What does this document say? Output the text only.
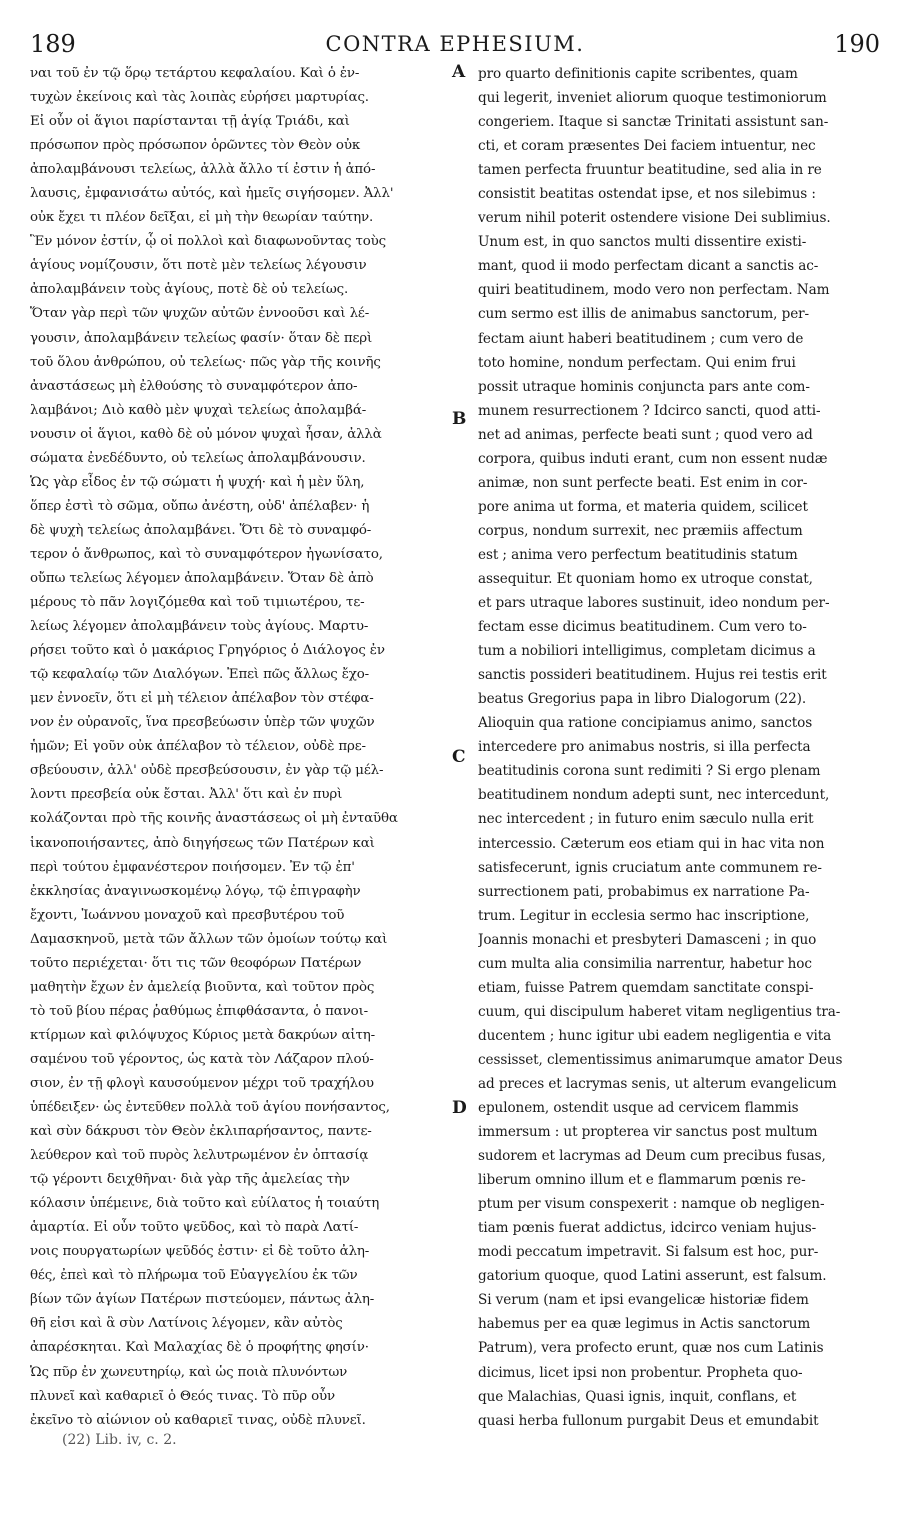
189	CONTRA EPHESIUM.	190
ναι τοῦ ἐν τῷ ὅρῳ τετάρτου κεφαλαίου. Καὶ ὁ ἐν-
τυχὼν ἐκείνοις καὶ τὰς λοιπὰς εὑρήσει μαρτυρίας.
Εἰ οὖν οἱ ἅγιοι παρίστανται τῇ ἁγίᾳ Τριάδι, καὶ
πρόσωπον πρὸς πρόσωπον ὁρῶντες τὸν Θεὸν οὐκ
ἀπολαμβάνουσι τελείως, ἀλλὰ ἄλλο τί ἐστιν ἡ ἀπό-
λαυσις, ἐμφανισάτω αὐτός, καὶ ἡμεῖς σιγήσομεν. Ἀλλ'
οὐκ ἔχει τι πλέον δεῖξαι, εἰ μὴ τὴν θεωρίαν ταύτην.
Ἓν μόνον ἐστίν, ᾧ οἱ πολλοὶ καὶ διαφωνοῦντας τοὺς
ἁγίους νομίζουσιν, ὅτι ποτὲ μὲν τελείως λέγουσιν
ἀπολαμβάνειν τοὺς ἁγίους, ποτὲ δὲ οὐ τελείως.
Ὅταν γὰρ περὶ τῶν ψυχῶν αὐτῶν ἐννοοῦσι καὶ λέ-
γουσιν, ἀπολαμβάνειν τελείως φασίν· ὅταν δὲ περὶ
τοῦ ὅλου ἀνθρώπου, οὐ τελείως· πῶς γὰρ τῆς κοινῆς
ἀναστάσεως μὴ ἐλθούσης τὸ συναμφότερον ἀπο-
λαμβάνοι; Διὸ καθὸ μὲν ψυχαὶ τελείως ἀπολαμβά-
νουσιν οἱ ἅγιοι, καθὸ δὲ οὐ μόνον ψυχαὶ ἦσαν, ἀλλὰ
σώματα ἐνεδέδυντο, οὐ τελείως ἀπολαμβάνουσιν.
Ὡς γὰρ εἶδος ἐν τῷ σώματι ἡ ψυχή· καὶ ἡ μὲν ὕλη,
ὅπερ ἐστὶ τὸ σῶμα, οὔπω ἀνέστη, οὐδ' ἀπέλαβεν· ἡ
δὲ ψυχὴ τελείως ἀπολαμβάνει. Ὅτι δὲ τὸ συναμφό-
τερον ὁ ἄνθρωπος, καὶ τὸ συναμφότερον ἠγωνίσατο,
οὔπω τελείως λέγομεν ἀπολαμβάνειν. Ὅταν δὲ ἀπὸ
μέρους τὸ πᾶν λογιζόμεθα καὶ τοῦ τιμιωτέρου, τε-
λείως λέγομεν ἀπολαμβάνειν τοὺς ἁγίους. Μαρτυ-
ρήσει τοῦτο καὶ ὁ μακάριος Γρηγόριος ὁ Διάλογος ἐν
τῷ κεφαλαίῳ τῶν Διαλόγων. Ἐπεὶ πῶς ἄλλως ἔχο-
μεν ἐννοεῖν, ὅτι εἰ μὴ τέλειον ἀπέλαβον τὸν στέφα-
νον ἐν οὐρανοῖς, ἵνα πρεσβεύωσιν ὑπὲρ τῶν ψυχῶν
ἡμῶν; Εἰ γοῦν οὐκ ἀπέλαβον τὸ τέλειον, οὐδὲ πρε-
σβεύουσιν, ἀλλ' οὐδὲ πρεσβεύσουσιν, ἐν γὰρ τῷ μέλ-
λοντι πρεσβεία οὐκ ἔσται. Ἀλλ' ὅτι καὶ ἐν πυρὶ
κολάζονται πρὸ τῆς κοινῆς ἀναστάσεως οἱ μὴ ἐνταῦθα
ἱκανοποιήσαντες, ἀπὸ διηγήσεως τῶν Πατέρων καὶ
περὶ τούτου ἐμφανέστερον ποιήσομεν. Ἐν τῷ ἐπ'
ἐκκλησίας ἀναγινωσκομένῳ λόγῳ, τῷ ἐπιγραφὴν
ἔχοντι, Ἰωάννου μοναχοῦ καὶ πρεσβυτέρου τοῦ
Δαμασκηνοῦ, μετὰ τῶν ἄλλων τῶν ὁμοίων τούτῳ καὶ
τοῦτο περιέχεται· ὅτι τις τῶν θεοφόρων Πατέρων
μαθητὴν ἔχων ἐν ἀμελείᾳ βιοῦντα, καὶ τοῦτον πρὸς
τὸ τοῦ βίου πέρας ῥαθύμως ἐπιφθάσαντα, ὁ πανοι-
κτίρμων καὶ φιλόψυχος Κύριος μετὰ δακρύων αἰτη-
σαμένου τοῦ γέροντος, ὡς κατὰ τὸν Λάζαρον πλού-
σιον, ἐν τῇ φλογὶ καυσούμενον μέχρι τοῦ τραχήλου
ὑπέδειξεν· ὡς ἐντεῦθεν πολλὰ τοῦ ἁγίου πονήσαντος,
καὶ σὺν δάκρυσι τὸν Θεὸν ἐκλιπαρήσαντος, παντε-
λεύθερον καὶ τοῦ πυρὸς λελυτρωμένον ἐν ὀπτασίᾳ
τῷ γέροντι δειχθῆναι· διὰ γὰρ τῆς ἀμελείας τὴν
κόλασιν ὑπέμεινε, διὰ τοῦτο καὶ εὐίλατος ἡ τοιαύτη
ἁμαρτία. Εἰ οὖν τοῦτο ψεῦδος, καὶ τὸ παρὰ Λατί-
νοις πουργατωρίων ψεῦδός ἐστιν· εἰ δὲ τοῦτο ἀλη-
θές, ἐπεὶ καὶ τὸ πλήρωμα τοῦ Εὐαγγελίου ἐκ τῶν
βίων τῶν ἁγίων Πατέρων πιστεύομεν, πάντως ἀλη-
θῆ εἰσι καὶ ἃ σὺν Λατίνοις λέγομεν, κἂν αὐτὸς
ἀπαρέσκηται. Καὶ Μαλαχίας δὲ ὁ προφήτης φησίν·
Ὡς πῦρ ἐν χωνευτηρίῳ, καὶ ὡς ποιὰ πλυνόντων
πλυνεῖ καὶ καθαριεῖ ὁ Θεός τινας. Τὸ πῦρ οὖν
ἐκεῖνο τὸ αἰώνιον οὐ καθαριεῖ τινας, οὐδὲ πλυνεῖ.
pro quarto definitionis capite scribentes, quam
qui legerit, inveniet aliorum quoque testimoniorum
congeriem. Itaque si sanctæ Trinitati assistunt san-
cti, et coram præsentes Dei faciem intuentur, nec
tamen perfecta fruuntur beatitudine, sed alia in re
consistit beatitas ostendat ipse, et nos silebimus :
verum nihil poterit ostendere visione Dei sublimius.
Unum est, in quo sanctos multi dissentire existi-
mant, quod ii modo perfectam dicant a sanctis ac-
quiri beatitudinem, modo vero non perfectam. Nam
cum sermo est illis de animabus sanctorum, per-
fectam aiunt haberi beatitudinem ; cum vero de
toto homine, nondum perfectam. Qui enim frui
possit utraque hominis conjuncta pars ante com-
munem resurrectionem ? Idcirco sancti, quod atti-
net ad animas, perfecte beati sunt ; quod vero ad
corpora, quibus induti erant, cum non essent nudæ
animæ, non sunt perfecte beati. Est enim in cor-
pore anima ut forma, et materia quidem, scilicet
corpus, nondum surrexit, nec præmiis affectum
est ; anima vero perfectum beatitudinis statum
assequitur. Et quoniam homo ex utroque constat,
et pars utraque labores sustinuit, ideo nondum per-
fectam esse dicimus beatitudinem. Cum vero to-
tum a nobiliori intelligimus, completam dicimus a
sanctis possideri beatitudinem. Hujus rei testis erit
beatus Gregorius papa in libro Dialogorum (22).
Alioquin qua ratione concipiamus animo, sanctos
intercedere pro animabus nostris, si illa perfecta
beatitudinis corona sunt redimiti ? Si ergo plenam
beatitudinem nondum adepti sunt, nec intercedunt,
nec intercedent ; in futuro enim sæculo nulla erit
intercessio. Cæterum eos etiam qui in hac vita non
satisfecerunt, ignis cruciatum ante communem re-
surrectionem pati, probabimus ex narratione Pa-
trum. Legitur in ecclesia sermo hac inscriptione,
Joannis monachi et presbyteri Damasceni ; in quo
cum multa alia consimilia narrentur, habetur hoc
etiam, fuisse Patrem quemdam sanctitate conspi-
cuum, qui discipulum haberet vitam negligentius tra-
ducentem ; hunc igitur ubi eadem negligentia e vita
cessisset, clementissimus animarumque amator Deus
ad preces et lacrymas senis, ut alterum evangelicum
epulonem, ostendit usque ad cervicem flammis
immersum : ut propterea vir sanctus post multum
sudorem et lacrymas ad Deum cum precibus fusas,
liberum omnino illum et e flammarum pœnis re-
ptum per visum conspexerit : namque ob negligen-
tiam pœnis fuerat addictus, idcirco veniam hujus-
modi peccatum impetravit. Si falsum est hoc, pur-
gatorium quoque, quod Latini asserunt, est falsum.
Si verum (nam et ipsi evangelicæ historiæ fidem
habemus per ea quæ legimus in Actis sanctorum
Patrum), vera profecto erunt, quæ nos cum Latinis
dicimus, licet ipsi non probentur. Propheta quo-
que Malachias, Quasi ignis, inquit, conflans, et
quasi herba fullonum purgabit Deus et emundabit
A
B
C
D
(22) Lib. iv, c. 2.
